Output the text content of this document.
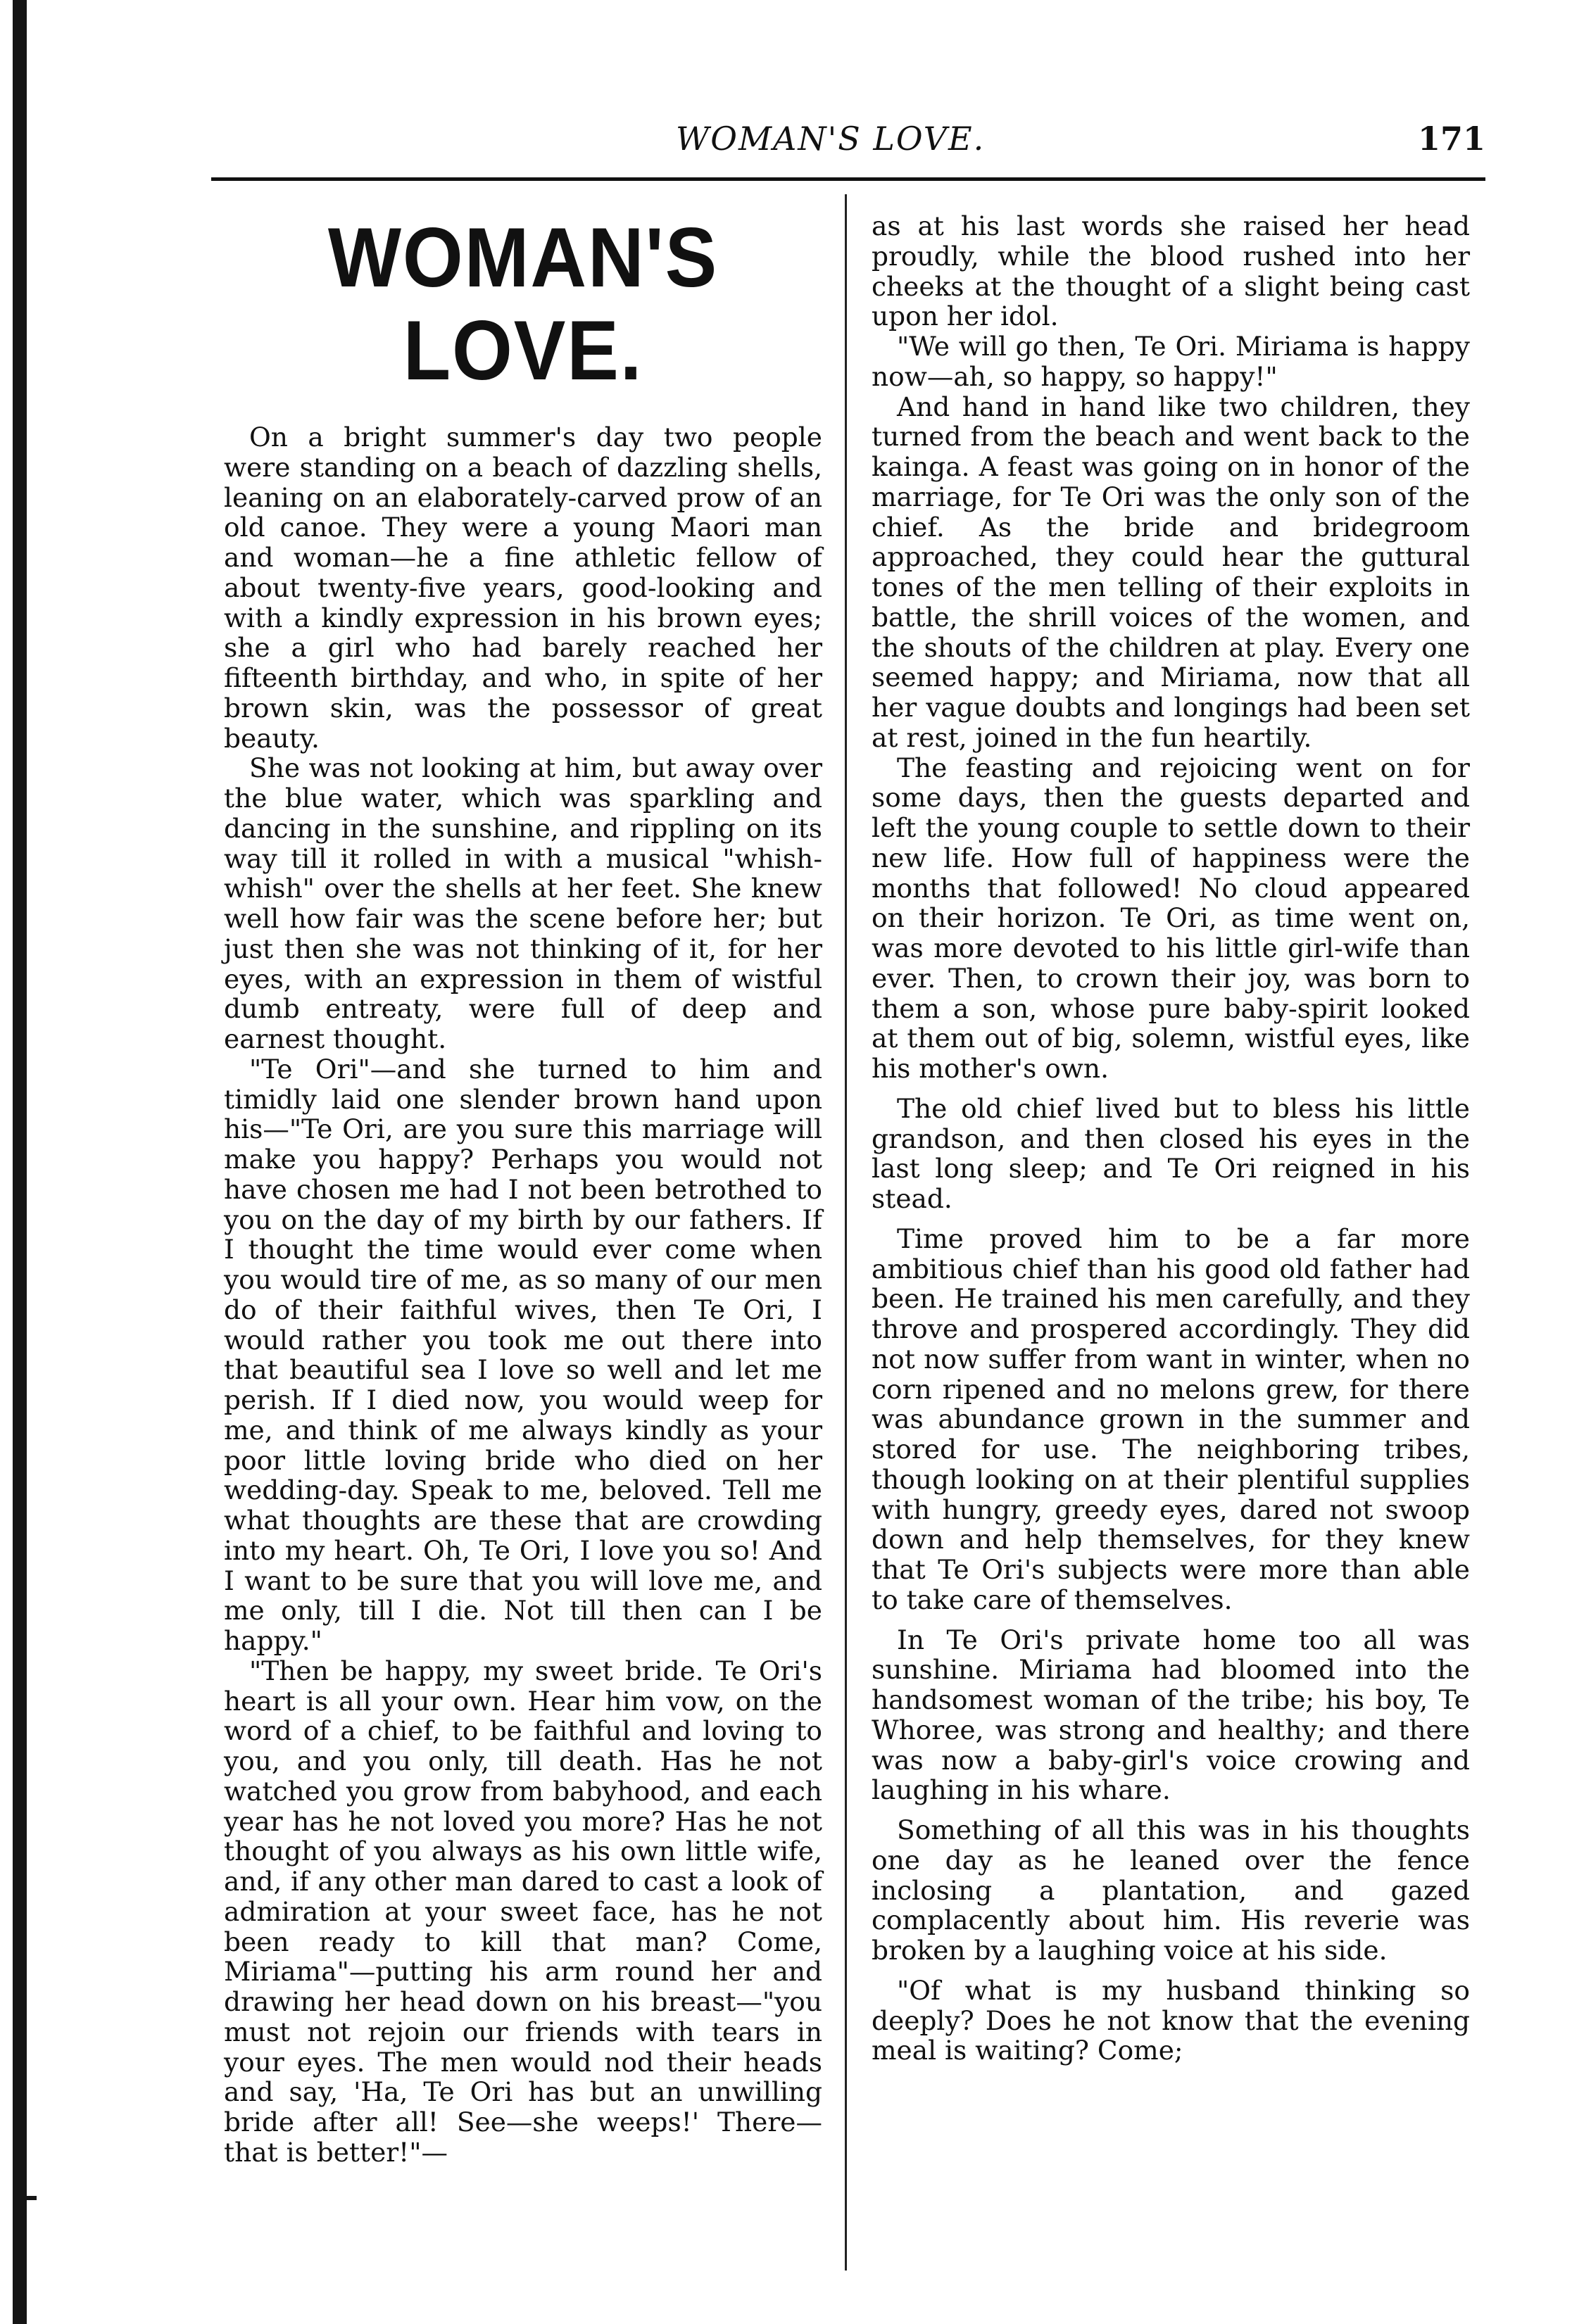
WOMAN'S LOVE.	171
WOMAN'S LOVE.

On a bright summer's day two people were standing on a beach of dazzling shells, leaning on an elaborately-carved prow of an old canoe. They were a young Maori man and woman—he a fine athletic fellow of about twenty-five years, good-looking and with a kindly expression in his brown eyes; she a girl who had barely reached her fifteenth birthday, and who, in spite of her brown skin, was the possessor of great beauty.

She was not looking at him, but away over the blue water, which was sparkling and dancing in the sunshine, and rippling on its way till it rolled in with a musical "whish-whish" over the shells at her feet. She knew well how fair was the scene before her; but just then she was not thinking of it, for her eyes, with an expression in them of wistful dumb entreaty, were full of deep and earnest thought.

"Te Ori"—and she turned to him and timidly laid one slender brown hand upon his—"Te Ori, are you sure this marriage will make you happy? Perhaps you would not have chosen me had I not been betrothed to you on the day of my birth by our fathers. If I thought the time would ever come when you would tire of me, as so many of our men do of their faithful wives, then Te Ori, I would rather you took me out there into that beautiful sea I love so well and let me perish. If I died now, you would weep for me, and think of me always kindly as your poor little loving bride who died on her wedding-day. Speak to me, beloved. Tell me what thoughts are these that are crowding into my heart. Oh, Te Ori, I love you so! And I want to be sure that you will love me, and me only, till I die. Not till then can I be happy."

"Then be happy, my sweet bride. Te Ori's heart is all your own. Hear him vow, on the word of a chief, to be faithful and loving to you, and you only, till death. Has he not watched you grow from babyhood, and each year has he not loved you more? Has he not thought of you always as his own little wife, and, if any other man dared to cast a look of admiration at your sweet face, has he not been ready to kill that man? Come, Miriama"—putting his arm round her and drawing her head down on his breast—"you must not rejoin our friends with tears in your eyes. The men would nod their heads and say, 'Ha, Te Ori has but an unwilling bride after all! See—she weeps!' There—that is better!"—

as at his last words she raised her head proudly, while the blood rushed into her cheeks at the thought of a slight being cast upon her idol.

"We will go then, Te Ori. Miriama is happy now—ah, so happy, so happy!"

And hand in hand like two children, they turned from the beach and went back to the kainga. A feast was going on in honor of the marriage, for Te Ori was the only son of the chief. As the bride and bridegroom approached, they could hear the guttural tones of the men telling of their exploits in battle, the shrill voices of the women, and the shouts of the children at play. Every one seemed happy; and Miriama, now that all her vague doubts and longings had been set at rest, joined in the fun heartily.

The feasting and rejoicing went on for some days, then the guests departed and left the young couple to settle down to their new life. How full of happiness were the months that followed! No cloud appeared on their horizon. Te Ori, as time went on, was more devoted to his little girl-wife than ever. Then, to crown their joy, was born to them a son, whose pure baby-spirit looked at them out of big, solemn, wistful eyes, like his mother's own.

The old chief lived but to bless his little grandson, and then closed his eyes in the last long sleep; and Te Ori reigned in his stead.

Time proved him to be a far more ambitious chief than his good old father had been. He trained his men carefully, and they throve and prospered accordingly. They did not now suffer from want in winter, when no corn ripened and no melons grew, for there was abundance grown in the summer and stored for use. The neighboring tribes, though looking on at their plentiful supplies with hungry, greedy eyes, dared not swoop down and help themselves, for they knew that Te Ori's subjects were more than able to take care of themselves.

In Te Ori's private home too all was sunshine. Miriama had bloomed into the handsomest woman of the tribe; his boy, Te Whoree, was strong and healthy; and there was now a baby-girl's voice crowing and laughing in his whare.

Something of all this was in his thoughts one day as he leaned over the fence inclosing a plantation, and gazed complacently about him. His reverie was broken by a laughing voice at his side.

"Of what is my husband thinking so deeply? Does he not know that the evening meal is waiting? Come;
